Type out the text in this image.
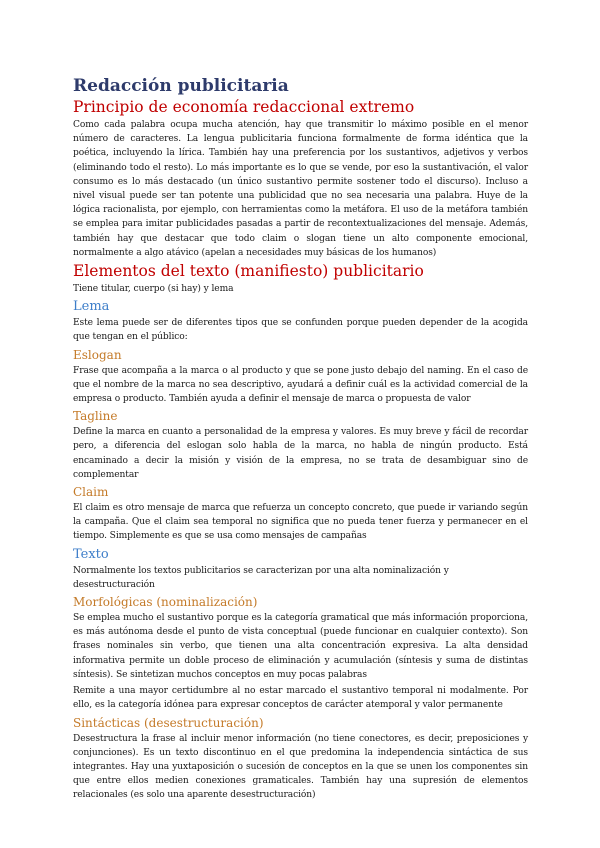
Redacción publicitaria
Principio de economía redaccional extremo

Como cada palabra ocupa mucha atención, hay que transmitir lo máximo posible en el menor número de caracteres. La lengua publicitaria funciona formalmente de forma idéntica que la poética, incluyendo la lírica. También hay una preferencia por los sustantivos, adjetivos y verbos (eliminando todo el resto). Lo más importante es lo que se vende, por eso la sustantivación, el valor consumo es lo más destacado (un único sustantivo permite sostener todo el discurso). Incluso a nivel visual puede ser tan potente una publicidad que no sea necesaria una palabra. Huye de la lógica racionalista, por ejemplo, con herramientas como la metáfora. El uso de la metáfora también se emplea para imitar publicidades pasadas a partir de recontextualizaciones del mensaje. Además, también hay que destacar que todo claim o slogan tiene un alto componente emocional, normalmente a algo atávico (apelan a necesidades muy básicas de los humanos)

Elementos del texto (manifiesto) publicitario

Tiene titular, cuerpo (si hay) y lema

Lema

Este lema puede ser de diferentes tipos que se confunden porque pueden depender de la acogida que tengan en el público:

Eslogan

Frase que acompaña a la marca o al producto y que se pone justo debajo del naming. En el caso de que el nombre de la marca no sea descriptivo, ayudará a definir cuál es la actividad comercial de la empresa o producto. También ayuda a definir el mensaje de marca o propuesta de valor

Tagline

Define la marca en cuanto a personalidad de la empresa y valores. Es muy breve y fácil de recordar pero, a diferencia del eslogan solo habla de la marca, no habla de ningún producto. Está encaminado a decir la misión y visión de la empresa, no se trata de desambiguar sino de complementar

Claim

El claim es otro mensaje de marca que refuerza un concepto concreto, que puede ir variando según la campaña. Que el claim sea temporal no significa que no pueda tener fuerza y permanecer en el tiempo. Simplemente es que se usa como mensajes de campañas

Texto

Normalmente los textos publicitarios se caracterizan por una alta nominalización y desestructuración

Morfológicas (nominalización)

Se emplea mucho el sustantivo porque es la categoría gramatical que más información proporciona, es más autónoma desde el punto de vista conceptual (puede funcionar en cualquier contexto). Son frases nominales sin verbo, que tienen una alta concentración expresiva. La alta densidad informativa permite un doble proceso de eliminación y acumulación (síntesis y suma de distintas síntesis). Se sintetizan muchos conceptos en muy pocas palabras

Remite a una mayor certidumbre al no estar marcado el sustantivo temporal ni modalmente. Por ello, es la categoría idónea para expresar conceptos de carácter atemporal y valor permanente

Sintácticas (desestructuración)

Desestructura la frase al incluir menor información (no tiene conectores, es decir, preposiciones y conjunciones). Es un texto discontinuo en el que predomina la independencia sintáctica de sus integrantes. Hay una yuxtaposición o sucesión de conceptos en la que se unen los componentes sin que entre ellos medien conexiones gramaticales. También hay una supresión de elementos relacionales (es solo una aparente desestructuración)
